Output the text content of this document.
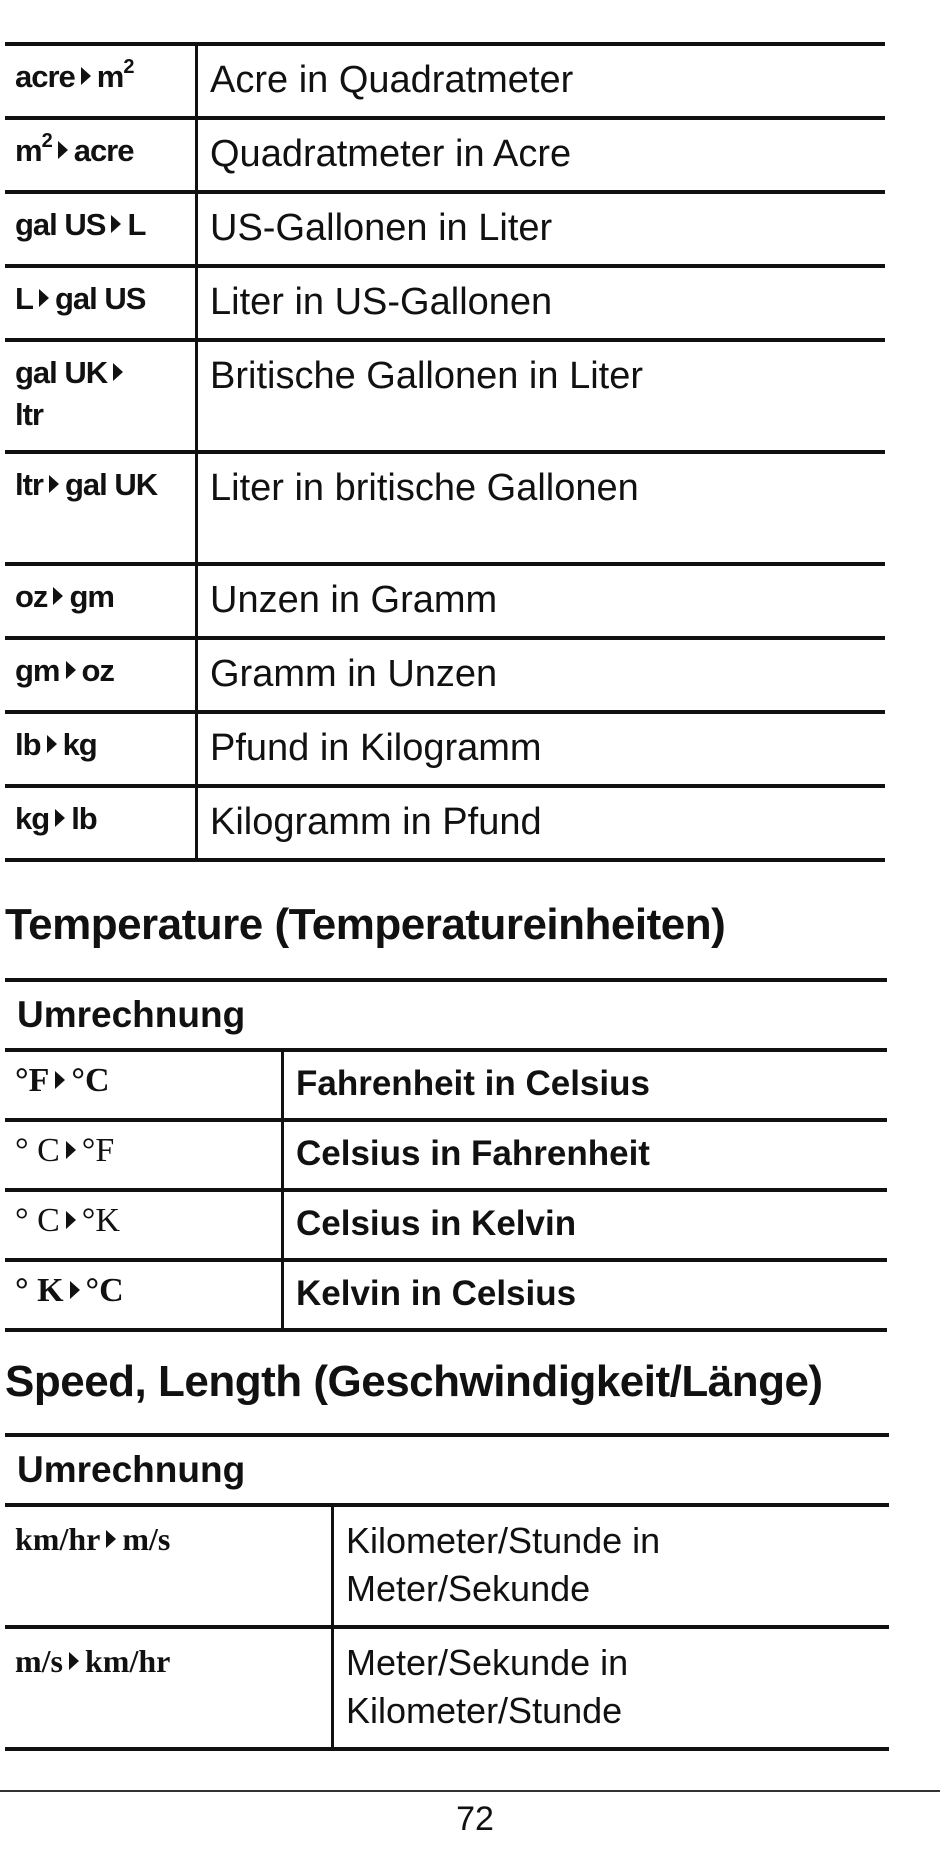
acre $m^2$	Acre in Quadratmeter
$m^2$ acre	Quadratmeter in Acre
gal US L	US-Gallonen in Liter
L gal US	Liter in US-Gallonen
gal UK
ltr	Britische Gallonen in Liter
ltr gal UK	Liter in britische Gallonen
oz gm	Unzen in Gramm
gm oz	Gramm in Unzen
lb kg	Pfund in Kilogramm
kg lb	Kilogramm in Pfund
Temperature (Temperatureinheiten)
Umrechnung	
°F °C	Fahrenheit in Celsius
° C °F	Celsius in Fahrenheit
° C °K	Celsius in Kelvin
° K °C	Kelvin in Celsius
Speed, Length (Geschwindigkeit/Länge)
Umrechnung	
km/hr m/s	Kilometer/Stunde in
Meter/Sekunde
m/s km/hr	Meter/Sekunde in
Kilometer/Stunde
72
